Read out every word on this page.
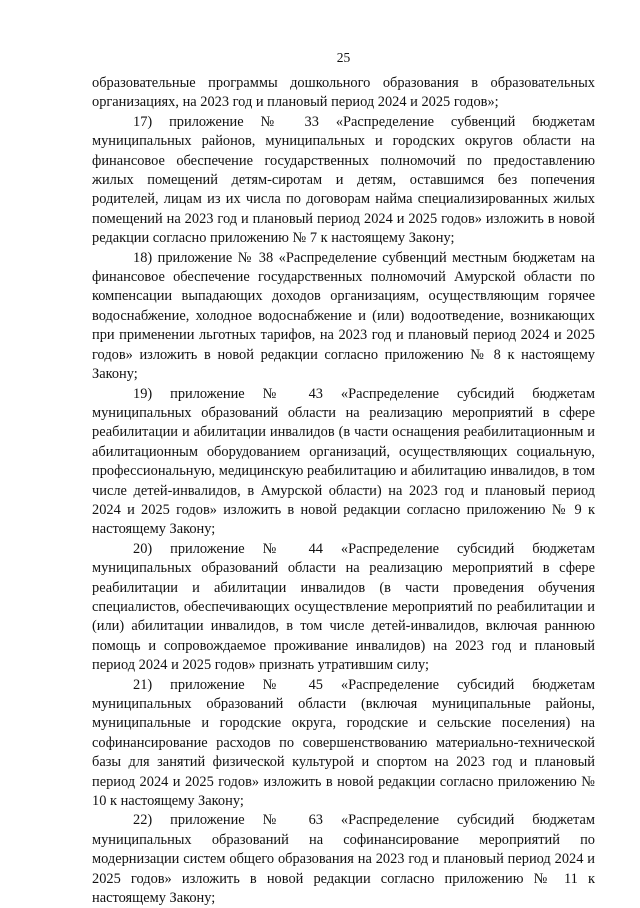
25

образовательные программы дошкольного образования в образовательных организациях, на 2023 год и плановый период 2024 и 2025 годов»;

17) приложение № 33 «Распределение субвенций бюджетам муниципальных районов, муниципальных и городских округов области на финансовое обеспечение государственных полномочий по предоставлению жилых помещений детям-сиротам и детям, оставшимся без попечения родителей, лицам из их числа по договорам найма специализированных жилых помещений на 2023 год и плановый период 2024 и 2025 годов» изложить в новой редакции согласно приложению № 7 к настоящему Закону;

18) приложение № 38 «Распределение субвенций местным бюджетам на финансовое обеспечение государственных полномочий Амурской области по компенсации выпадающих доходов организациям, осуществляющим горячее водоснабжение, холодное водоснабжение и (или) водоотведение, возникающих при применении льготных тарифов, на 2023 год и плановый период 2024 и 2025 годов» изложить в новой редакции согласно приложению № 8 к настоящему Закону;

19) приложение № 43 «Распределение субсидий бюджетам муниципальных образований области на реализацию мероприятий в сфере реабилитации и абилитации инвалидов (в части оснащения реабилитационным и абилитационным оборудованием организаций, осуществляющих социальную, профессиональную, медицинскую реабилитацию и абилитацию инвалидов, в том числе детей-инвалидов, в Амурской области) на 2023 год и плановый период 2024 и 2025 годов» изложить в новой редакции согласно приложению № 9 к настоящему Закону;

20) приложение № 44 «Распределение субсидий бюджетам муниципальных образований области на реализацию мероприятий в сфере реабилитации и абилитации инвалидов (в части проведения обучения специалистов, обеспечивающих осуществление мероприятий по реабилитации и (или) абилитации инвалидов, в том числе детей-инвалидов, включая раннюю помощь и сопровождаемое проживание инвалидов) на 2023 год и плановый период 2024 и 2025 годов» признать утратившим силу;

21) приложение № 45 «Распределение субсидий бюджетам муниципальных образований области (включая муниципальные районы, муниципальные и городские округа, городские и сельские поселения) на софинансирование расходов по совершенствованию материально-технической базы для занятий физической культурой и спортом на 2023 год и плановый период 2024 и 2025 годов» изложить в новой редакции согласно приложению № 10 к настоящему Закону;

22) приложение № 63 «Распределение субсидий бюджетам муниципальных образований на софинансирование мероприятий по модернизации систем общего образования на 2023 год и плановый период 2024 и 2025 годов» изложить в новой редакции согласно приложению № 11 к настоящему Закону;
